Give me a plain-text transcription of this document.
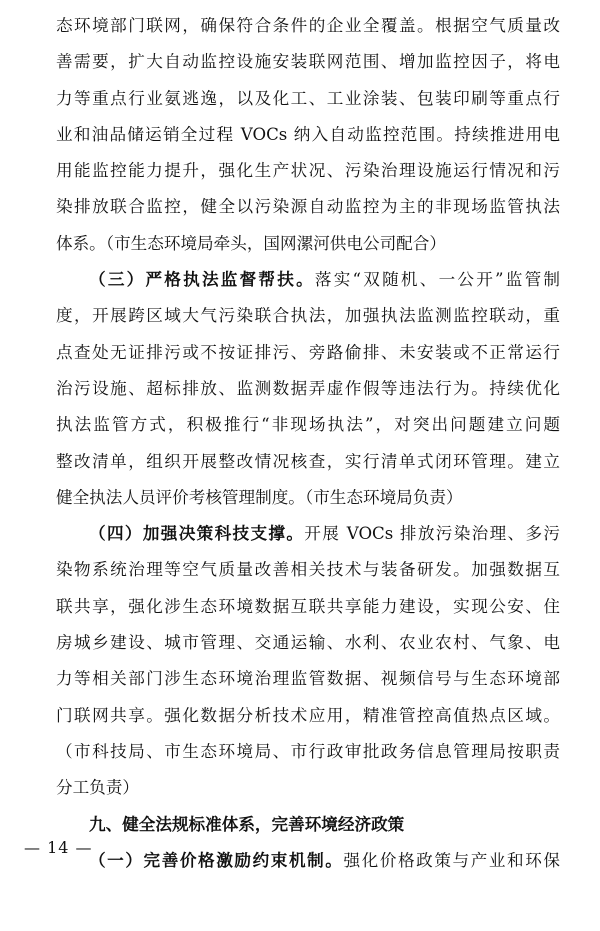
态环境部门联网，确保符合条件的企业全覆盖。根据空气质量改
善需要，扩大自动监控设施安装联网范围、增加监控因子，将电
力等重点行业氨逃逸，以及化工、工业涂装、包装印刷等重点行
业和油品储运销全过程 VOCs 纳入自动监控范围。持续推进用电
用能监控能力提升，强化生产状况、污染治理设施运行情况和污
染排放联合监控，健全以污染源自动监控为主的非现场监管执法
体系。（市生态环境局牵头，国网漯河供电公司配合）
（三）严格执法监督帮扶。落实“双随机、一公开”监管制
度，开展跨区域大气污染联合执法，加强执法监测监控联动，重
点查处无证排污或不按证排污、旁路偷排、未安装或不正常运行
治污设施、超标排放、监测数据弄虚作假等违法行为。持续优化
执法监管方式，积极推行“非现场执法”，对突出问题建立问题
整改清单，组织开展整改情况核查，实行清单式闭环管理。建立
健全执法人员评价考核管理制度。（市生态环境局负责）
（四）加强决策科技支撑。开展 VOCs 排放污染治理、多污
染物系统治理等空气质量改善相关技术与装备研发。加强数据互
联共享，强化涉生态环境数据互联共享能力建设，实现公安、住
房城乡建设、城市管理、交通运输、水利、农业农村、气象、电
力等相关部门涉生态环境治理监管数据、视频信号与生态环境部
门联网共享。强化数据分析技术应用，精准管控高值热点区域。
（市科技局、市生态环境局、市行政审批政务信息管理局按职责
分工负责）
九、健全法规标准体系，完善环境经济政策
（一）完善价格激励约束机制。强化价格政策与产业和环保
— 14 —
